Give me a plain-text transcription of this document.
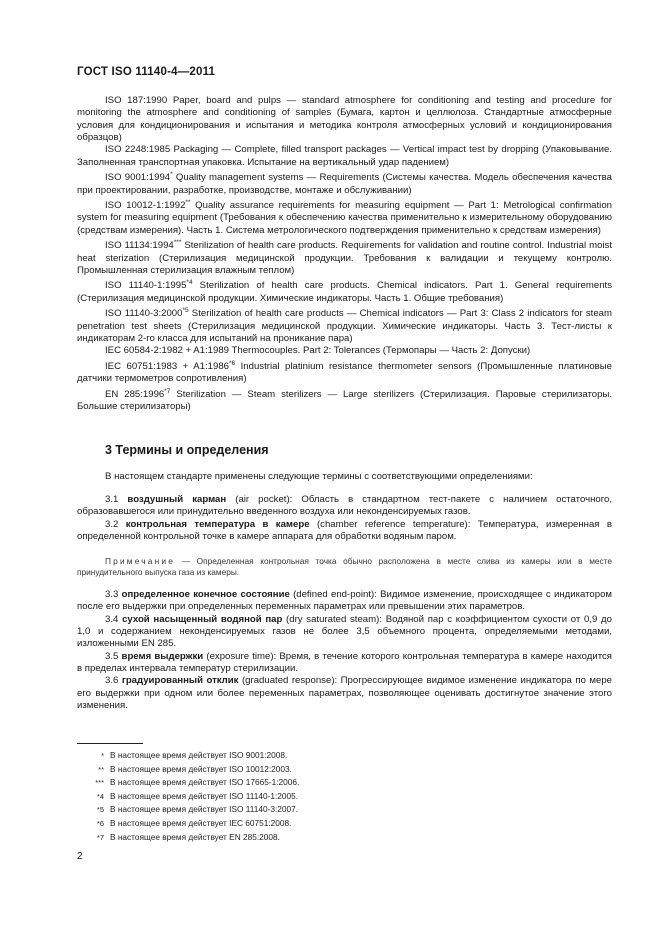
ГОСТ ISO 11140-4—2011

ISO 187:1990 Paper, board and pulps — standard atmosphere for conditioning and testing and procedure for monitoring the atmosphere and conditioning of samples (Бумага, картон и целлюлоза. Стандартные атмосферные условия для кондиционирования и испытания и методика контроля атмосферных условий и кондиционирования образцов)

ISO 2248:1985 Packaging — Complete, filled transport packages — Vertical impact test by dropping (Упаковывание. Заполненная транспортная упаковка. Испытание на вертикальный удар падением)

ISO 9001:1994* Quality management systems — Requirements (Системы качества. Модель обеспечения качества при проектировании, разработке, производстве, монтаже и обслуживании)

ISO 10012-1:1992** Quality assurance requirements for measuring equipment — Part 1: Metrological confirmation system for measuring equipment (Требования к обеспечению качества применительно к измерительному оборудованию (средствам измерения). Часть 1. Система метрологического подтверждения применительно к средствам измерения)

ISO 11134:1994*** Sterilization of health care products. Requirements for validation and routine control. Industrial moist heat sterization (Стерилизация медицинской продукции. Требования к валидации и текущему контролю. Промышленная стерилизация влажным теплом)

ISO 11140-1:1995$^{*4}$ Sterilization of health care products. Chemical indicators. Part 1. General requirements (Стерилизация медицинской продукции. Химические индикаторы. Часть 1. Общие требования)

ISO 11140-3:2000$^{*5}$ Sterilization of health care products — Chemical indicators — Part 3: Class 2 indicators for steam penetration test sheets (Стерилизация медицинской продукции. Химические индикаторы. Часть 3. Тест-листы к индикаторам 2-го класса для испытаний на проникание пара)

IEC 60584-2:1982 + A1:1989 Thermocouples. Part 2: Tolerances (Термопары — Часть 2: Допуски)

IEC 60751:1983 + $A1:1986^{*6}$ Industrial platinium resistance thermometer sensors (Промышленные платиновые датчики термометров сопротивления)

EN 285:1996$^{*7}$ Sterilization — Steam sterilizers — Large sterilizers (Стерилизация. Паровые стерилизаторы. Большие стерилизаторы)

3 Термины и определения

В настоящем стандарте применены следующие термины с соответствующими определениями:

3.1 воздушный карман (air pocket): Область в стандартном тест-пакете с наличием остаточного, образовавшегося или принудительно введенного воздуха или неконденсируемых газов.

3.2 контрольная температура в камере (chamber reference temperature): Температура, измеренная в определенной контрольной точке в камере аппарата для обработки водяным паром.

Примечание — Определенная контрольная точка обычно расположена в месте слива из камеры или в месте принудительного выпуска газа из камеры.

3.3 определенное конечное состояние (defined end-point): Видимое изменение, происходящее с индикатором после его выдержки при определенных переменных параметрах или превышении этих параметров.

3.4 сухой насыщенный водяной пар (dry saturated steam): Водяной пар с коэффициентом сухости от 0,9 до 1,0 и содержанием неконденсируемых газов не более 3,5 объемного процента, определяемыми методами, изложенными EN 285.

3.5 время выдержки (exposure time): Время, в течение которого контрольная температура в камере находится в пределах интервала температур стерилизации.

3.6 градуированный отклик (graduated response): Прогрессирующее видимое изменение индикатора по мере его выдержки при одном или более переменных параметрах, позволяющее оценивать достигнутое значение этого изменения.

* В настоящее время действует ISO 9001:2008.
** В настоящее время действует ISO 10012:2003.
*** В настоящее время действует ISO 17665-1:2006.
*4 В настоящее время действует ISO 11140-1:2005.
*5 В настоящее время действует ISO 11140-3:2007.
*6 В настоящее время действует IEC 60751:2008.
*7 В настоящее время действует EN 285:2008.
2
